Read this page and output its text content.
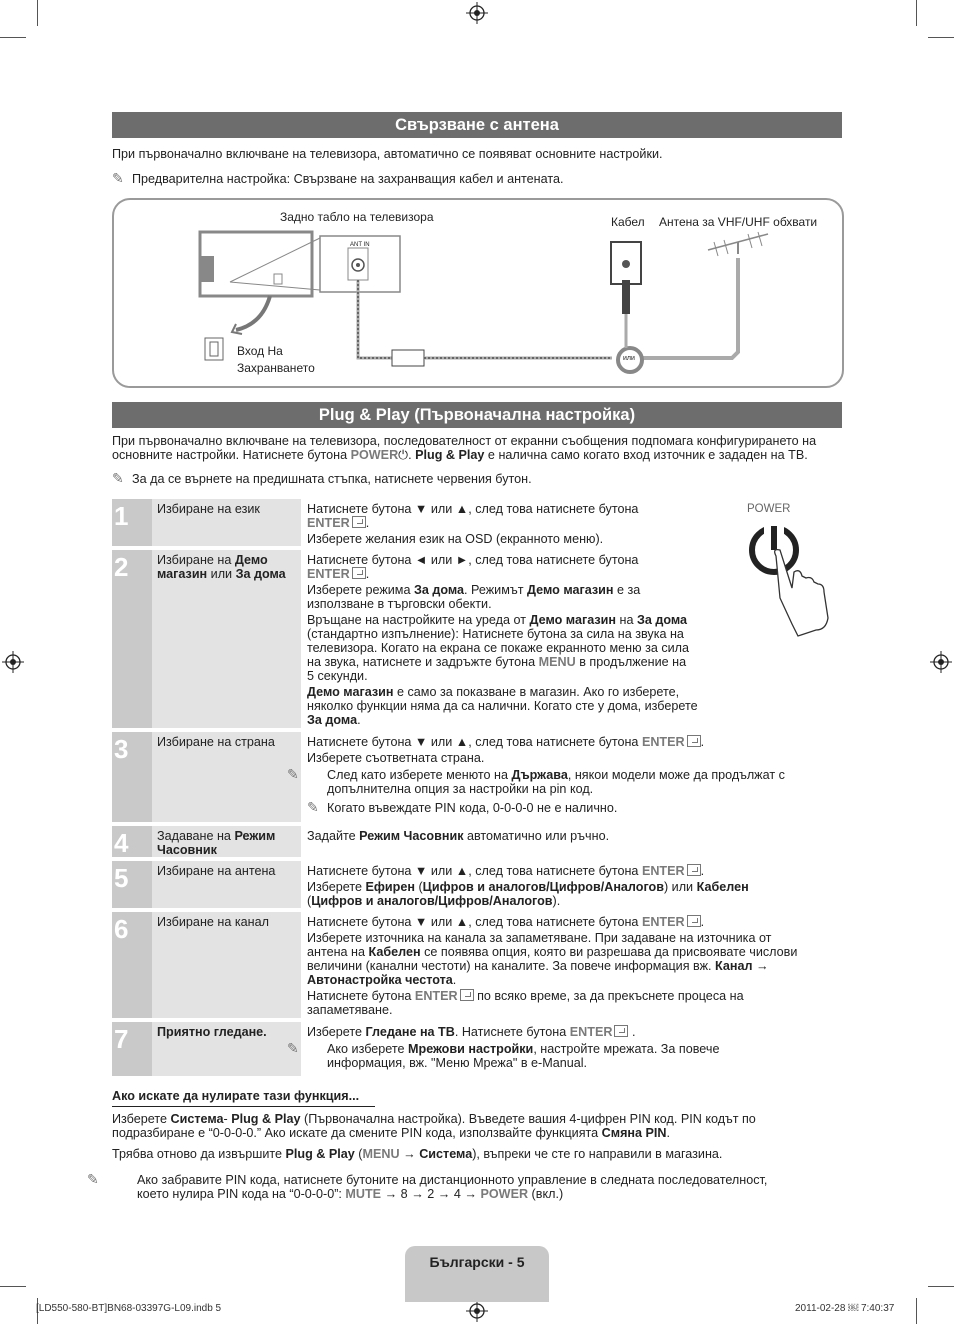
Свързване с антена
При първоначално включване на телевизора, автоматично се появяват основните настройки.
✎ Предварителна настройка: Свързване на захранващия кабел и антената.
Задно табло на телевизора
ANT IN
Кабел Антена за VHF/UHF обхвати
Вход На
Захранването
или
Plug & Play (Първоначална настройка)
При първоначално включване на телевизора, последователност от екранни съобщения подпомага конфигурирането на
основните настройки. Натиснете бутона POWER⏻. Plug & Play е налична само когато вход източник е зададен на ТВ.
✎ За да се върнете на предишната стъпка, натиснете червения бутон.
POWER
1	Избиране на език	Натиснете бутона ▼ или ▲, след това натиснете бутона
ENTER .

Изберете желания език на OSD (екранното меню).

2	Избиране на Демо магазин или За дома

Натиснете бутона ◄ или ►, след това натиснете бутона
ENTER .

Изберете режима За дома. Режимът Демо магазин е за
използване в търговски обекти.

Връщане на настройките на уреда от Демо магазин на За дома
(стандартно изпълнение): Натиснете бутона за сила на звука на
телевизора. Когато на екрана се покаже екранното меню за сила
на звука, натиснете и задръжте бутона MENU в продължение на
5 секунди.

Демо магазин е само за показване в магазин. Ако го изберете,
няколко функции няма да са налични. Когато сте у дома, изберете
За дома.

3	Избиране на страна	Натиснете бутона ▼ или ▲, след това натиснете бутона ENTER .

Изберете съответната страна.

✎ След като изберете менюто на Държава, някои модели може да продължат с
допълнителна опция за настройки на pin код.

✎ Когато въвеждате PIN кода, 0-0-0-0 не е налично.

4	Задаване на Режим Часовник
Задайте Режим Часовник автоматично или ръчно.
5	Избиране на антена	Натиснете бутона ▼ или ▲, след това натиснете бутона ENTER .

Изберете Ефирен (Цифров и аналогов/Цифров/Аналогов) или Кабелен
(Цифров и аналогов/Цифров/Аналогов).

6	Избиране на канал	Натиснете бутона ▼ или ▲, след това натиснете бутона ENTER .

Изберете източника на канала за запаметяване. При задаване на източника от
антена на Кабелен се появява опция, която ви разрешава да присвоявате числови
величини (канални честоти) на каналите. За повече информация вж. Канал →
Автонастройка честота.

Натиснете бутона ENTER по всяко време, за да прекъснете процеса на
запаметяване.

7	Приятно гледане.	Изберете Гледане на ТВ. Натиснете бутона ENTER .

✎ Ако изберете Мрежови настройки, настройте мрежата. За повече
информация, вж. "Меню Мрежа" в e-Manual.

Ако искате да нулирате тази функция...
Изберете Система- Plug & Play (Първоначална настройка). Въведете вашия 4-цифрен PIN код. PIN кодът по
подразбиране е “0-0-0-0.” Ако искате да смените PIN кода, използвайте функцията Смяна PIN.
Трябва отново да извършите Plug & Play (MENU → Система), въпреки че сте го направили в магазина.
✎	Ако забравите PIN кода, натиснете бутоните на дистанционното управление в следната последователност,
което нулира PIN кода на “0-0-0-0”: MUTE → 8 → 2 → 4 → POWER (вкл.)
Български - 5
[LD550-580-BT]BN68-03397G-L09.indb 5	2011-02-28 ￼ 7:40:37
